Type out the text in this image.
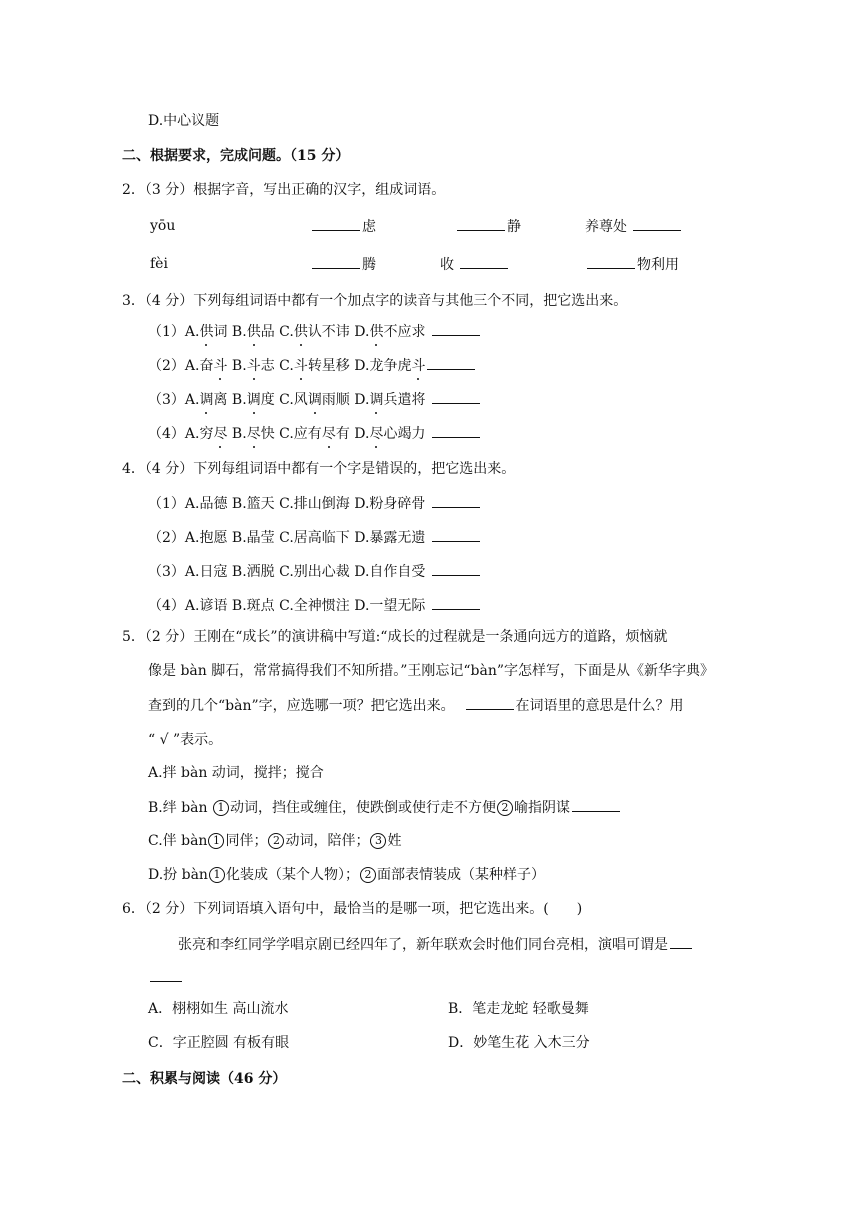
D.中心议题
二、根据要求，完成问题。（15 分）
2．（3 分）根据字音，写出正确的汉字，组成词语。
yōu	虑	静	养尊处
fèi	腾	收	物利用
3．（4 分）下列每组词语中都有一个加点字的读音与其他三个不同，把它选出来。
（1）A.供词 B.供品 C.供认不讳 D.供不应求
（2）A.奋斗 B.斗志 C.斗转星移 D.龙争虎斗
（3）A.调离 B.调度 C.风调雨顺 D.调兵遣将
（4）A.穷尽 B.尽快 C.应有尽有 D.尽心竭力
4．（4 分）下列每组词语中都有一个字是错误的，把它选出来。
（1）A.品德 B.篮天 C.排山倒海 D.粉身碎骨
（2）A.抱愿 B.晶莹 C.居高临下 D.暴露无遗
（3）A.日寇 B.洒脱 C.别出心裁 D.自作自受
（4）A.谚语 B.斑点 C.全神惯注 D.一望无际
5．（2 分）王刚在“成长”的演讲稿中写道:“成长的过程就是一条通向远方的道路，烦恼就
像是 bàn 脚石，常常搞得我们不知所措。”王刚忘记“bàn”字怎样写，下面是从《新华字典》
查到的几个“bàn”字，应选哪一项？把它选出来。	在词语里的意思是什么？用
“ √ ”表示。
A.拌 bàn 动词，搅拌；搅合
B.绊 bàn 1 动词，挡住或缠住，使跌倒或使行走不方便 2 喻指阴谋
C.伴 bàn 1 同伴； 2 动词，陪伴； 3 姓
D.扮 bàn 1 化装成（某个人物）； 2 面部表情装成（某种样子）
6．（2 分）下列词语填入语句中，最恰当的是哪一项，把它选出来。(　　)
张亮和李红同学学唱京剧已经四年了，新年联欢会时他们同台亮相，演唱可谓是
A．栩栩如生 高山流水	B．笔走龙蛇 轻歌曼舞
C．字正腔圆 有板有眼	D．妙笔生花 入木三分
二、积累与阅读（46 分）
